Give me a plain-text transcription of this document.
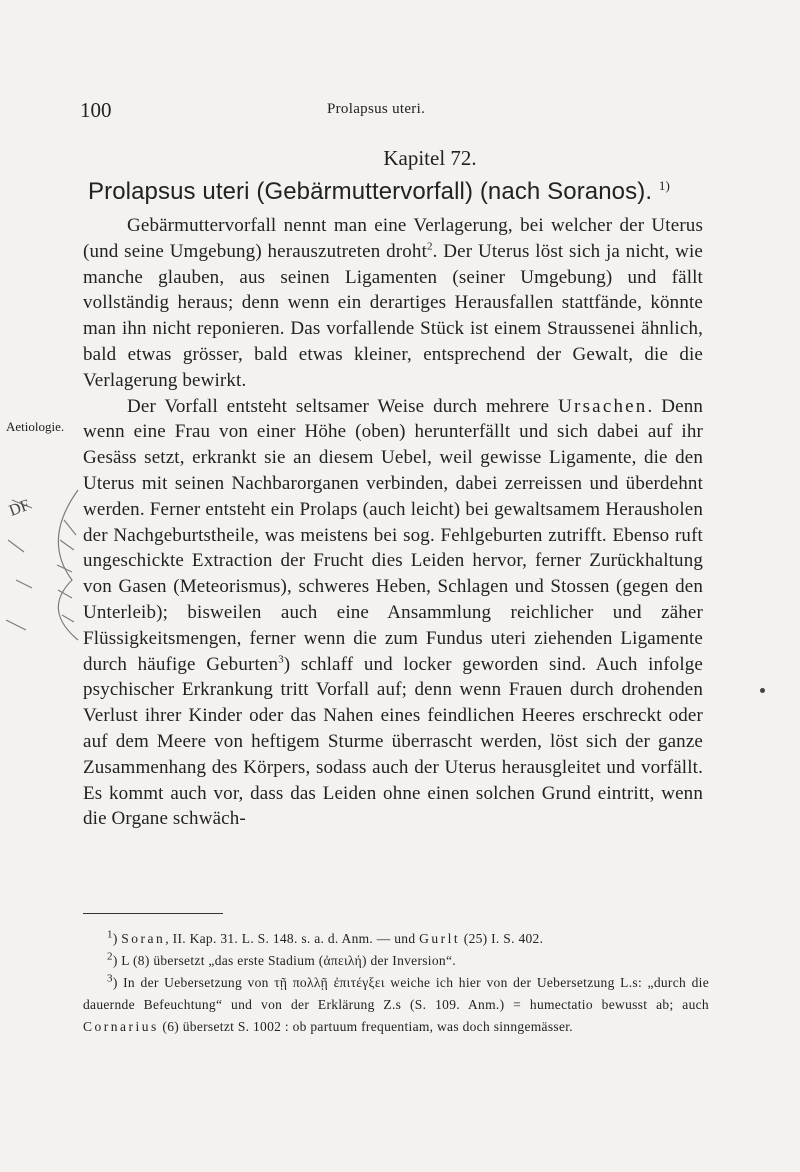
100	Prolapsus uteri.
Kapitel 72.
Prolapsus uteri (Gebärmuttervorfall) (nach Soranos). $^{1)}$
Aetiologie.
DF

Gebärmuttervorfall nennt man eine Verlagerung, bei welcher der Uterus (und seine Umgebung) herauszutreten droht$^2$. Der Uterus löst sich ja nicht, wie manche glauben, aus seinen Ligamenten (seiner Umgebung) und fällt vollständig heraus; denn wenn ein derartiges Herausfallen stattfände, könnte man ihn nicht reponieren. Das vorfallende Stück ist einem Straussenei ähnlich, bald etwas grösser, bald etwas kleiner, entsprechend der Gewalt, die die Verlagerung bewirkt.

Der Vorfall entsteht seltsamer Weise durch mehrere Ursachen. Denn wenn eine Frau von einer Höhe (oben) herunterfällt und sich dabei auf ihr Gesäss setzt, erkrankt sie an diesem Uebel, weil gewisse Ligamente, die den Uterus mit seinen Nachbarorganen verbinden, dabei zerreissen und überdehnt werden. Ferner entsteht ein Prolaps (auch leicht) bei gewaltsamem Herausholen der Nachgeburtstheile, was meistens bei sog. Fehlgeburten zutrifft. Ebenso ruft ungeschickte Extraction der Frucht dies Leiden hervor, ferner Zurückhaltung von Gasen (Meteorismus), schweres Heben, Schlagen und Stossen (gegen den Unterleib); bisweilen auch eine Ansammlung reichlicher und zäher Flüssigkeitsmengen, ferner wenn die zum Fundus uteri ziehenden Ligamente durch häufige Geburten$^3$) schlaff und locker geworden sind. Auch infolge psychischer Erkrankung tritt Vorfall auf; denn wenn Frauen durch drohenden Verlust ihrer Kinder oder das Nahen eines feindlichen Heeres erschreckt oder auf dem Meere von heftigem Sturme überrascht werden, löst sich der ganze Zusammenhang des Körpers, sodass auch der Uterus herausgleitet und vorfällt. Es kommt auch vor, dass das Leiden ohne einen solchen Grund eintritt, wenn die Organe schwäch-

$^1$) Soran, II. Kap. 31. L. S. 148. s. a. d. Anm. — und Gurlt (25) I. S. 402.

$^2$) L (8) übersetzt „das erste Stadium (ἀπειλή) der Inversion“.

$^3$) In der Uebersetzung von τῇ πολλῇ ἐπιτέγξει weiche ich hier von der Uebersetzung L.s: „durch die dauernde Befeuchtung“ und von der Erklärung Z.s (S. 109. Anm.) = humectatio bewusst ab; auch Cornarius (6) übersetzt S. 1002 : ob partuum frequentiam, was doch sinngemässer.
